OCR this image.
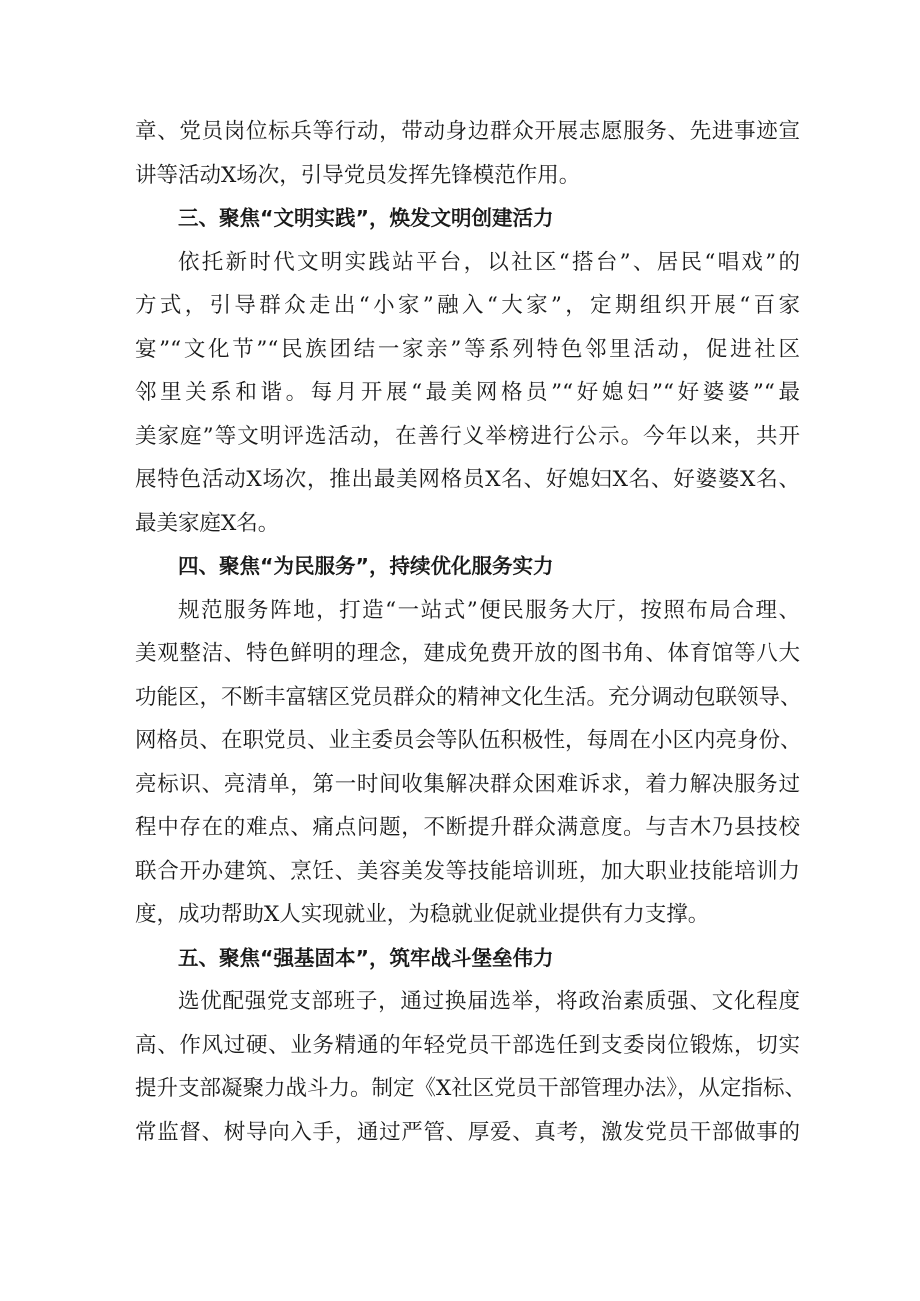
章、党员岗位标兵等行动，带动身边群众开展志愿服务、先进事迹宣
讲等活动X场次，引导党员发挥先锋模范作用。
三、聚焦“文明实践”，焕发文明创建活力
依托新时代文明实践站平台，以社区“搭台”、居民“唱戏”的
方式，引导群众走出“小家”融入“大家”，定期组织开展“百家
宴”“文化节”“民族团结一家亲”等系列特色邻里活动，促进社区
邻里关系和谐。每月开展“最美网格员”“好媳妇”“好婆婆”“最
美家庭”等文明评选活动，在善行义举榜进行公示。今年以来，共开
展特色活动X场次，推出最美网格员X名、好媳妇X名、好婆婆X名、
最美家庭X名。
四、聚焦“为民服务”，持续优化服务实力
规范服务阵地，打造“一站式”便民服务大厅，按照布局合理、
美观整洁、特色鲜明的理念，建成免费开放的图书角、体育馆等八大
功能区，不断丰富辖区党员群众的精神文化生活。充分调动包联领导、
网格员、在职党员、业主委员会等队伍积极性，每周在小区内亮身份、
亮标识、亮清单，第一时间收集解决群众困难诉求，着力解决服务过
程中存在的难点、痛点问题，不断提升群众满意度。与吉木乃县技校
联合开办建筑、烹饪、美容美发等技能培训班，加大职业技能培训力
度，成功帮助X人实现就业，为稳就业促就业提供有力支撑。
五、聚焦“强基固本”，筑牢战斗堡垒伟力
选优配强党支部班子，通过换届选举，将政治素质强、文化程度
高、作风过硬、业务精通的年轻党员干部选任到支委岗位锻炼，切实
提升支部凝聚力战斗力。制定《X社区党员干部管理办法》，从定指标、
常监督、树导向入手，通过严管、厚爱、真考，激发党员干部做事的
